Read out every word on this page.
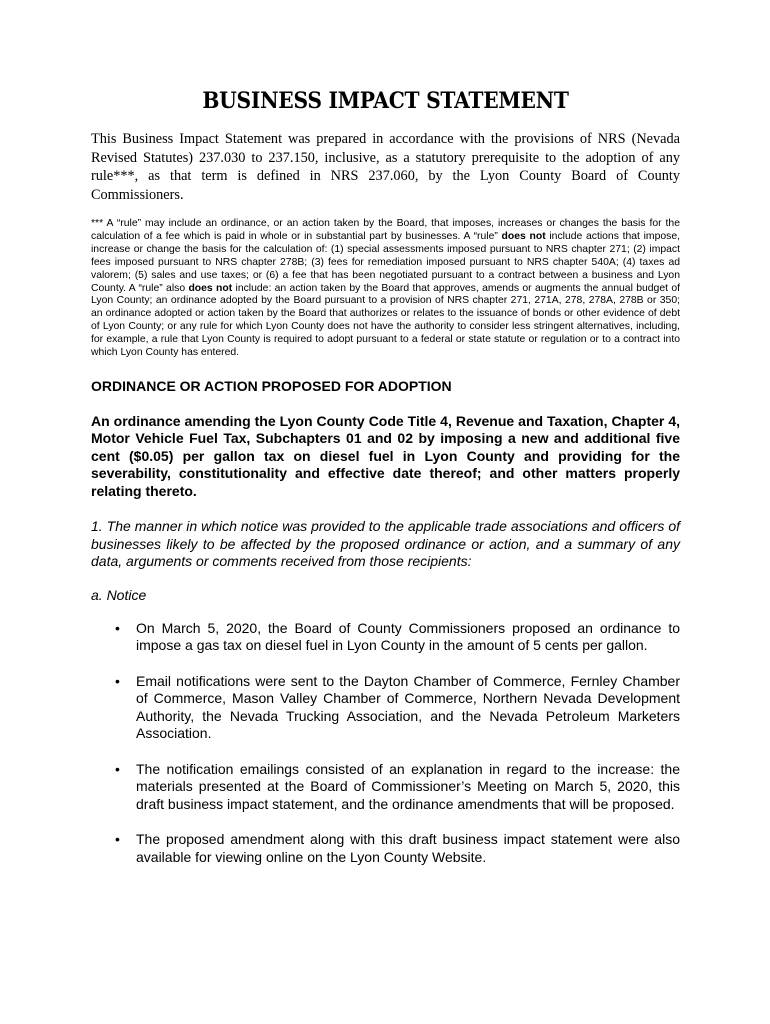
BUSINESS IMPACT STATEMENT

This Business Impact Statement was prepared in accordance with the provisions of NRS (Nevada Revised Statutes) 237.030 to 237.150, inclusive, as a statutory prerequisite to the adoption of any rule***, as that term is defined in NRS 237.060, by the Lyon County Board of County Commissioners.

*** A “rule” may include an ordinance, or an action taken by the Board, that imposes, increases or changes the basis for the calculation of a fee which is paid in whole or in substantial part by businesses. A “rule” does not include actions that impose, increase or change the basis for the calculation of: (1) special assessments imposed pursuant to NRS chapter 271; (2) impact fees imposed pursuant to NRS chapter 278B; (3) fees for remediation imposed pursuant to NRS chapter 540A; (4) taxes ad valorem; (5) sales and use taxes; or (6) a fee that has been negotiated pursuant to a contract between a business and Lyon County. A “rule” also does not include: an action taken by the Board that approves, amends or augments the annual budget of Lyon County; an ordinance adopted by the Board pursuant to a provision of NRS chapter 271, 271A, 278, 278A, 278B or 350; an ordinance adopted or action taken by the Board that authorizes or relates to the issuance of bonds or other evidence of debt of Lyon County; or any rule for which Lyon County does not have the authority to consider less stringent alternatives, including, for example, a rule that Lyon County is required to adopt pursuant to a federal or state statute or regulation or to a contract into which Lyon County has entered.

ORDINANCE OR ACTION PROPOSED FOR ADOPTION

An ordinance amending the Lyon County Code Title 4, Revenue and Taxation, Chapter 4, Motor Vehicle Fuel Tax, Subchapters 01 and 02 by imposing a new and additional five cent ($0.05) per gallon tax on diesel fuel in Lyon County and providing for the severability, constitutionality and effective date thereof; and other matters properly relating thereto.

1. The manner in which notice was provided to the applicable trade associations and officers of businesses likely to be affected by the proposed ordinance or action, and a summary of any data, arguments or comments received from those recipients:

a. Notice

• On March 5, 2020, the Board of County Commissioners proposed an ordinance to impose a gas tax on diesel fuel in Lyon County in the amount of 5 cents per gallon.
• Email notifications were sent to the Dayton Chamber of Commerce, Fernley Chamber of Commerce, Mason Valley Chamber of Commerce, Northern Nevada Development Authority, the Nevada Trucking Association, and the Nevada Petroleum Marketers Association.
• The notification emailings consisted of an explanation in regard to the increase: the materials presented at the Board of Commissioner’s Meeting on March 5, 2020, this draft business impact statement, and the ordinance amendments that will be proposed.
• The proposed amendment along with this draft business impact statement were also available for viewing online on the Lyon County Website.
